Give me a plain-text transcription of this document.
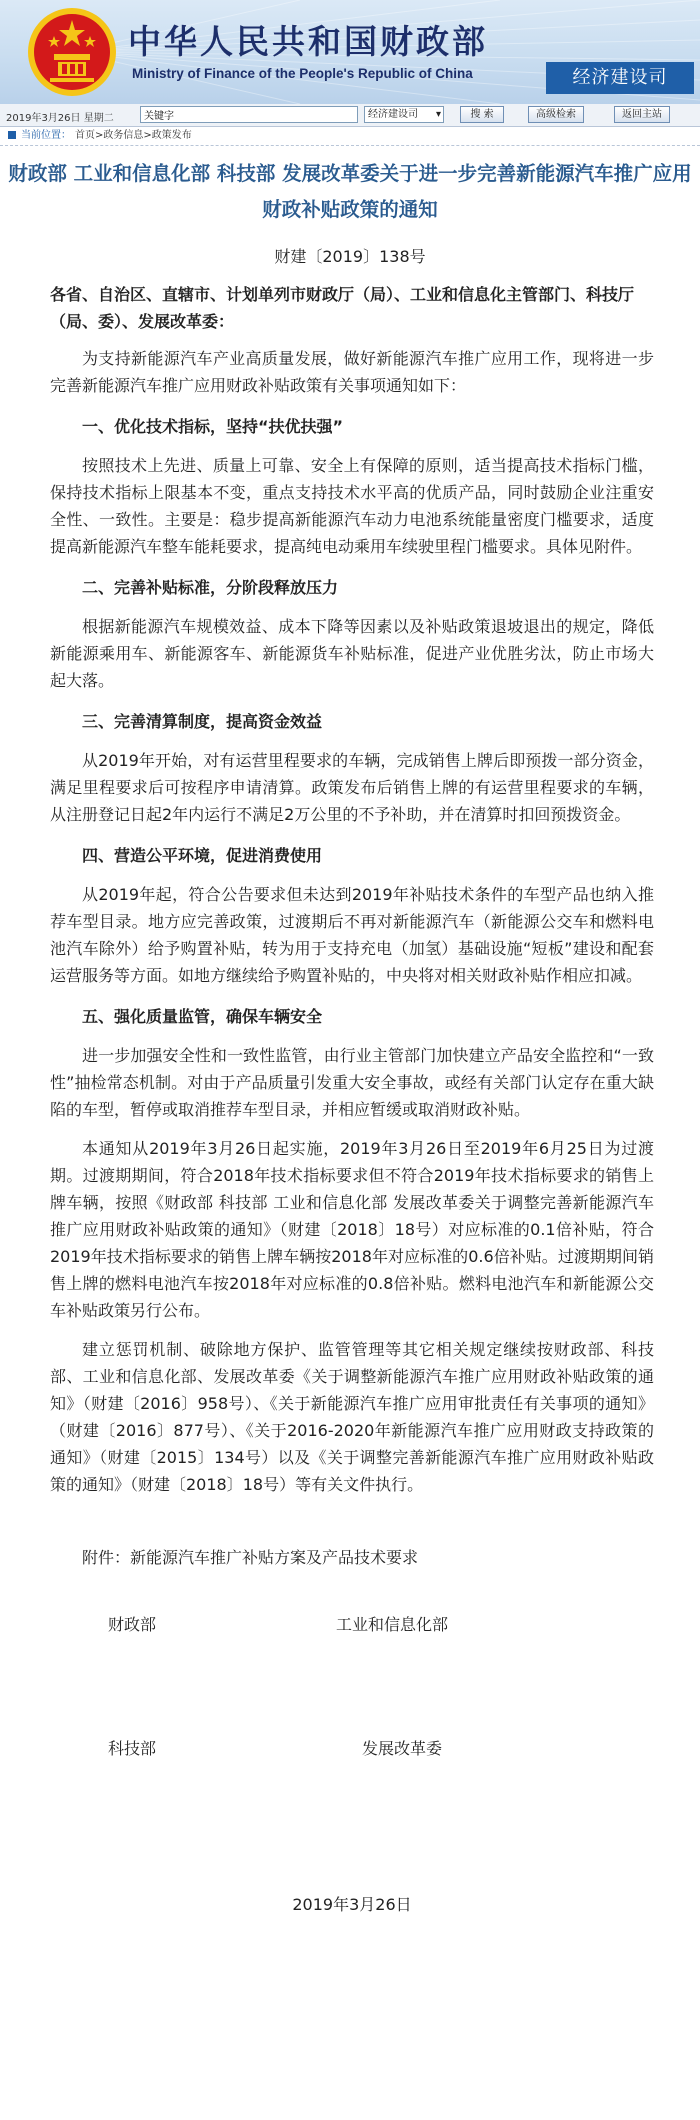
中华人民共和国财政部
Ministry of Finance of the People's Republic of China	经济建设司
2019年3月26日 星期二
关键字	经济建设司 ▾	搜 索	高级检索	返回主站
当前位置： 首页>政务信息>政策发布
财政部 工业和信息化部 科技部 发展改革委关于进一步完善新能源汽车推广应用财政补贴政策的通知
财建〔2019〕138号
各省、自治区、直辖市、计划单列市财政厅（局）、工业和信息化主管部门、科技厅（局、委）、发展改革委：

为支持新能源汽车产业高质量发展，做好新能源汽车推广应用工作，现将进一步完善新能源汽车推广应用财政补贴政策有关事项通知如下：

一、优化技术指标，坚持“扶优扶强”

按照技术上先进、质量上可靠、安全上有保障的原则，适当提高技术指标门槛，保持技术指标上限基本不变，重点支持技术水平高的优质产品，同时鼓励企业注重安全性、一致性。主要是：稳步提高新能源汽车动力电池系统能量密度门槛要求，适度提高新能源汽车整车能耗要求，提高纯电动乘用车续驶里程门槛要求。具体见附件。

二、完善补贴标准，分阶段释放压力

根据新能源汽车规模效益、成本下降等因素以及补贴政策退坡退出的规定，降低新能源乘用车、新能源客车、新能源货车补贴标准，促进产业优胜劣汰，防止市场大起大落。

三、完善清算制度，提高资金效益

从2019年开始，对有运营里程要求的车辆，完成销售上牌后即预拨一部分资金，满足里程要求后可按程序申请清算。政策发布后销售上牌的有运营里程要求的车辆，从注册登记日起2年内运行不满足2万公里的不予补助，并在清算时扣回预拨资金。

四、营造公平环境，促进消费使用

从2019年起，符合公告要求但未达到2019年补贴技术条件的车型产品也纳入推荐车型目录。地方应完善政策，过渡期后不再对新能源汽车（新能源公交车和燃料电池汽车除外）给予购置补贴，转为用于支持充电（加氢）基础设施“短板”建设和配套运营服务等方面。如地方继续给予购置补贴的，中央将对相关财政补贴作相应扣减。

五、强化质量监管，确保车辆安全

进一步加强安全性和一致性监管，由行业主管部门加快建立产品安全监控和“一致性”抽检常态机制。对由于产品质量引发重大安全事故，或经有关部门认定存在重大缺陷的车型，暂停或取消推荐车型目录，并相应暂缓或取消财政补贴。

本通知从2019年3月26日起实施，2019年3月26日至2019年6月25日为过渡期。过渡期期间，符合2018年技术指标要求但不符合2019年技术指标要求的销售上牌车辆，按照《财政部 科技部 工业和信息化部 发展改革委关于调整完善新能源汽车推广应用财政补贴政策的通知》（财建〔2018〕18号）对应标准的0.1倍补贴，符合2019年技术指标要求的销售上牌车辆按2018年对应标准的0.6倍补贴。过渡期期间销售上牌的燃料电池汽车按2018年对应标准的0.8倍补贴。燃料电池汽车和新能源公交车补贴政策另行公布。

建立惩罚机制、破除地方保护、监管管理等其它相关规定继续按财政部、科技部、工业和信息化部、发展改革委《关于调整新能源汽车推广应用财政补贴政策的通知》（财建〔2016〕958号）、《关于新能源汽车推广应用审批责任有关事项的通知》（财建〔2016〕877号）、《关于2016-2020年新能源汽车推广应用财政支持政策的通知》（财建〔2015〕134号）以及《关于调整完善新能源汽车推广应用财政补贴政策的通知》（财建〔2018〕18号）等有关文件执行。

附件：新能源汽车推广补贴方案及产品技术要求

财政部	工业和信息化部
科技部	发展改革委
2019年3月26日
